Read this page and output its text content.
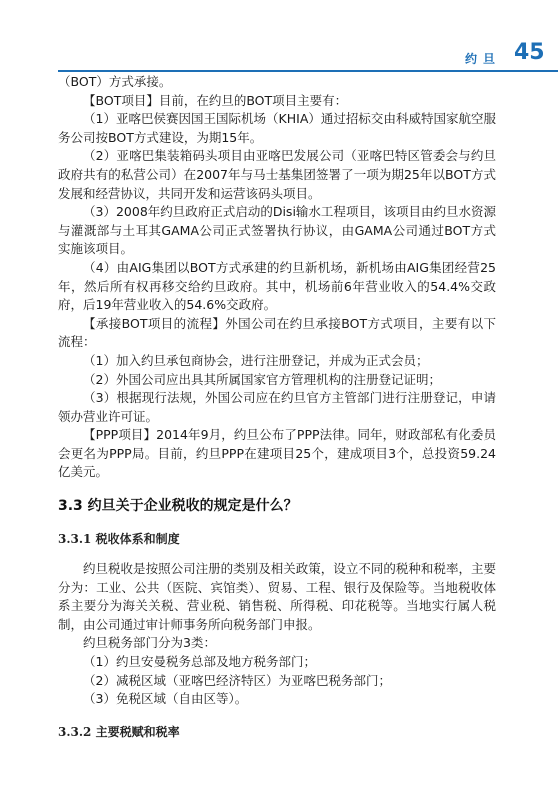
约旦 45

（BOT）方式承接。

【BOT项目】目前，在约旦的BOT项目主要有：

（1）亚喀巴侯赛因国王国际机场（KHIA）通过招标交由科威特国家航空服务公司按BOT方式建设，为期15年。

（2）亚喀巴集装箱码头项目由亚喀巴发展公司（亚喀巴特区管委会与约旦政府共有的私营公司）在2007年与马士基集团签署了一项为期25年以BOT方式发展和经营协议，共同开发和运营该码头项目。

（3）2008年约旦政府正式启动的Disi输水工程项目，该项目由约旦水资源与灌溉部与土耳其GAMA公司正式签署执行协议，由GAMA公司通过BOT方式实施该项目。

（4）由AIG集团以BOT方式承建的约旦新机场，新机场由AIG集团经营25年，然后所有权再移交给约旦政府。其中，机场前6年营业收入的54.4%交政府，后19年营业收入的54.6%交政府。

【承接BOT项目的流程】外国公司在约旦承接BOT方式项目，主要有以下流程：

（1）加入约旦承包商协会，进行注册登记，并成为正式会员；

（2）外国公司应出具其所属国家官方管理机构的注册登记证明；

（3）根据现行法规，外国公司应在约旦官方主管部门进行注册登记，申请领办营业许可证。

【PPP项目】2014年9月，约旦公布了PPP法律。同年，财政部私有化委员会更名为PPP局。目前，约旦PPP在建项目25个，建成项目3个，总投资59.24亿美元。

3.3 约旦关于企业税收的规定是什么？
3.3.1 税收体系和制度

约旦税收是按照公司注册的类别及相关政策，设立不同的税种和税率，主要分为：工业、公共（医院、宾馆类）、贸易、工程、银行及保险等。当地税收体系主要分为海关关税、营业税、销售税、所得税、印花税等。当地实行属人税制，由公司通过审计师事务所向税务部门申报。

约旦税务部门分为3类：

（1）约旦安曼税务总部及地方税务部门；

（2）减税区域（亚喀巴经济特区）为亚喀巴税务部门；

（3）免税区域（自由区等）。

3.3.2 主要税赋和税率
